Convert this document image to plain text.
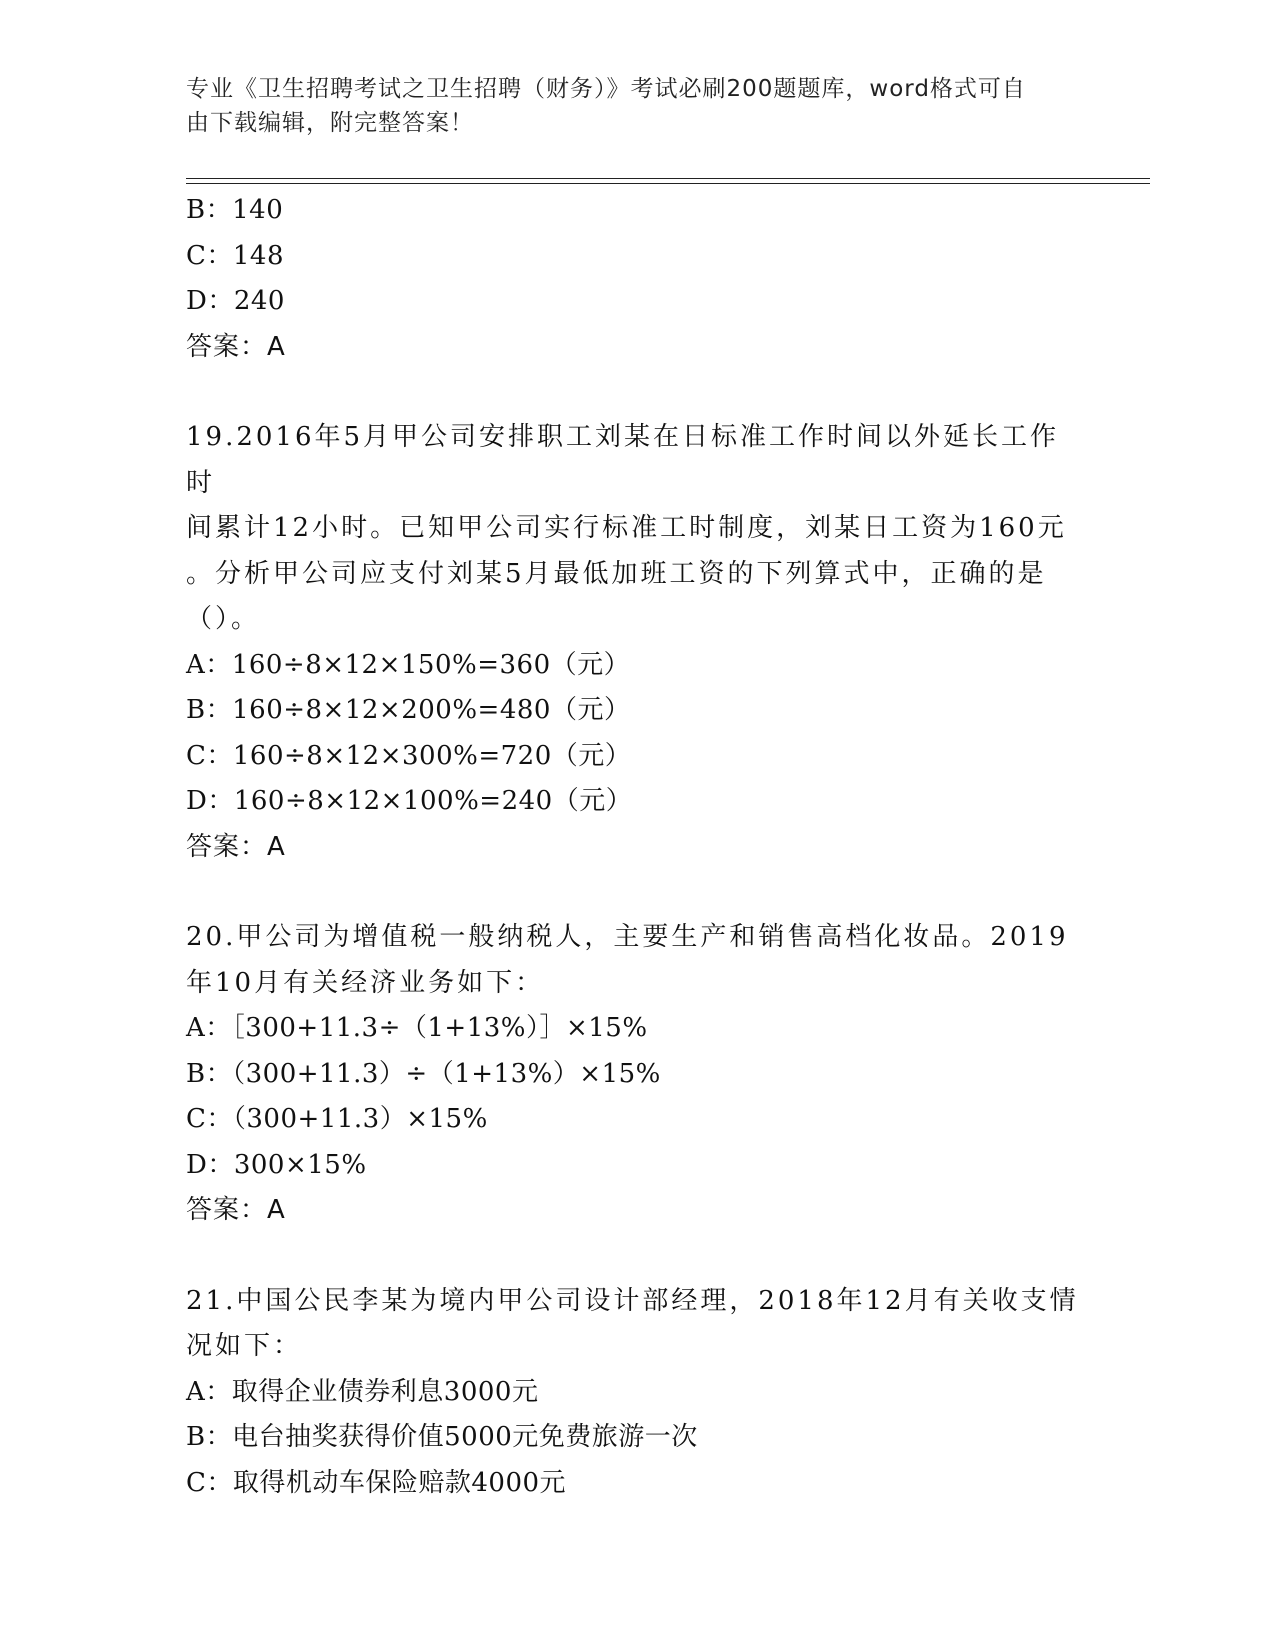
专业《卫生招聘考试之卫生招聘（财务）》考试必刷200题题库，word格式可自
由下载编辑，附完整答案！
B：140
C：148
D：240
答案：A
19.2016年5月甲公司安排职工刘某在日标准工作时间以外延长工作时
间累计12小时。已知甲公司实行标准工时制度，刘某日工资为160元
。分析甲公司应支付刘某5月最低加班工资的下列算式中，正确的是
（）。
A：160÷8×12×150%=360（元）
B：160÷8×12×200%=480（元）
C：160÷8×12×300%=720（元）
D：160÷8×12×100%=240（元）
答案：A
20.甲公司为增值税一般纳税人，主要生产和销售高档化妆品。2019
年10月有关经济业务如下：
A：［300+11.3÷（1+13%）］×15%
B：（300+11.3）÷（1+13%）×15%
C：（300+11.3）×15%
D：300×15%
答案：A
21.中国公民李某为境内甲公司设计部经理，2018年12月有关收支情
况如下：
A：取得企业债券利息3000元
B：电台抽奖获得价值5000元免费旅游一次
C：取得机动车保险赔款4000元
